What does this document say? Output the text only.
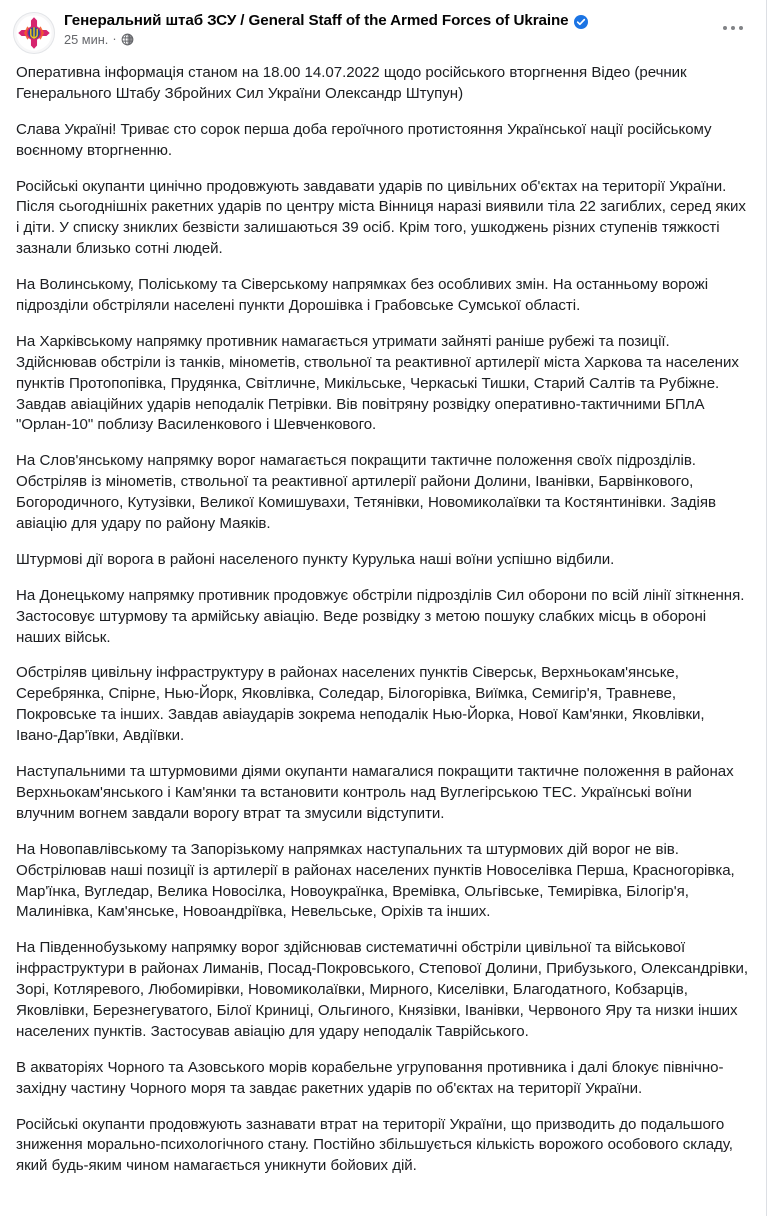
Генеральний штаб ЗСУ / General Staff of the Armed Forces of Ukraine
25 мин. ·

Оперативна інформація станом на 18.00 14.07.2022 щодо російського вторгнення Відео (речник Генерального Штабу Збройних Сил України Олександр Штупун)

Слава Україні! Триває сто сорок перша доба героїчного протистояння Української нації російському воєнному вторгненню.

Російські окупанти цинічно продовжують завдавати ударів по цивільних об'єктах на території України. Після сьогоднішніх ракетних ударів по центру міста Вінниця наразі виявили тіла 22 загиблих, серед яких і діти. У списку зниклих безвісти залишаються 39 осіб. Крім того, ушкоджень різних ступенів тяжкості зазнали близько сотні людей.

На Волинському, Поліському та Сіверському напрямках без особливих змін. На останньому ворожі підрозділи обстріляли населені пункти Дорошівка і Грабовське Сумської області.

На Харківському напрямку противник намагається утримати зайняті раніше рубежі та позиції. Здійснював обстріли із танків, мінометів, ствольної та реактивної артилерії міста Харкова та населених пунктів Протопопівка, Прудянка, Світличне, Микільське, Черкаські Тишки, Старий Салтів та Рубіжне. Завдав авіаційних ударів неподалік Петрівки. Вів повітряну розвідку оперативно-тактичними БПлА "Орлан-10" поблизу Василенкового і Шевченкового.

На Слов'янському напрямку ворог намагається покращити тактичне положення своїх підрозділів. Обстріляв із мінометів, ствольної та реактивної артилерії райони Долини, Іванівки, Барвінкового, Богородичного, Кутузівки, Великої Комишувахи, Тетянівки, Новомиколаївки та Костянтинівки. Задіяв авіацію для удару по району Маяків.

Штурмові дії ворога в районі населеного пункту Курулька наші воїни успішно відбили.

На Донецькому напрямку противник продовжує обстріли підрозділів Сил оборони по всій лінії зіткнення. Застосовує штурмову та армійську авіацію. Веде розвідку з метою пошуку слабких місць в обороні наших військ.

Обстріляв цивільну інфраструктуру в районах населених пунктів Сіверськ, Верхньокам'янське, Серебрянка, Спірне, Нью-Йорк, Яковлівка, Соледар, Білогорівка, Виїмка, Семигір'я, Травневе, Покровське та інших. Завдав авіаударів зокрема неподалік Нью-Йорка, Нової Кам'янки, Яковлівки, Івано-Дар'ївки, Авдіївки.

Наступальними та штурмовими діями окупанти намагалися покращити тактичне положення в районах Верхньокам'янського і Кам'янки та встановити контроль над Вуглегірською ТЕС. Українські воїни влучним вогнем завдали ворогу втрат та змусили відступити.

На Новопавлівському та Запорізькому напрямках наступальних та штурмових дій ворог не вів. Обстрілював наші позиції із артилерії в районах населених пунктів Новоселівка Перша, Красногорівка, Мар'їнка, Вугледар, Велика Новосілка, Новоукраїнка, Времівка, Ольгівське, Темирівка, Білогір'я, Малинівка, Кам'янське, Новоандріївка, Невельське, Оріхів та інших.

На Південнобузькому напрямку ворог здійснював систематичні обстріли цивільної та військової інфраструктури в районах Лиманів, Посад-Покровського, Степової Долини, Прибузького, Олександрівки, Зорі, Котляревого, Любомирівки, Новомиколаївки, Мирного, Киселівки, Благодатного, Кобзарців, Яковлівки, Березнегуватого, Білої Криниці, Ольгиного, Князівки, Іванівки, Червоного Яру та низки інших населених пунктів. Застосував авіацію для удару неподалік Таврійського.

В акваторіях Чорного та Азовського морів корабельне угруповання противника і далі блокує північно-західну частину Чорного моря та завдає ракетних ударів по об'єктах на території України.

Російські окупанти продовжують зазнавати втрат на території України, що призводить до подальшого зниження морально-психологічного стану. Постійно збільшується кількість ворожого особового складу, який будь-яким чином намагається уникнути бойових дій.
